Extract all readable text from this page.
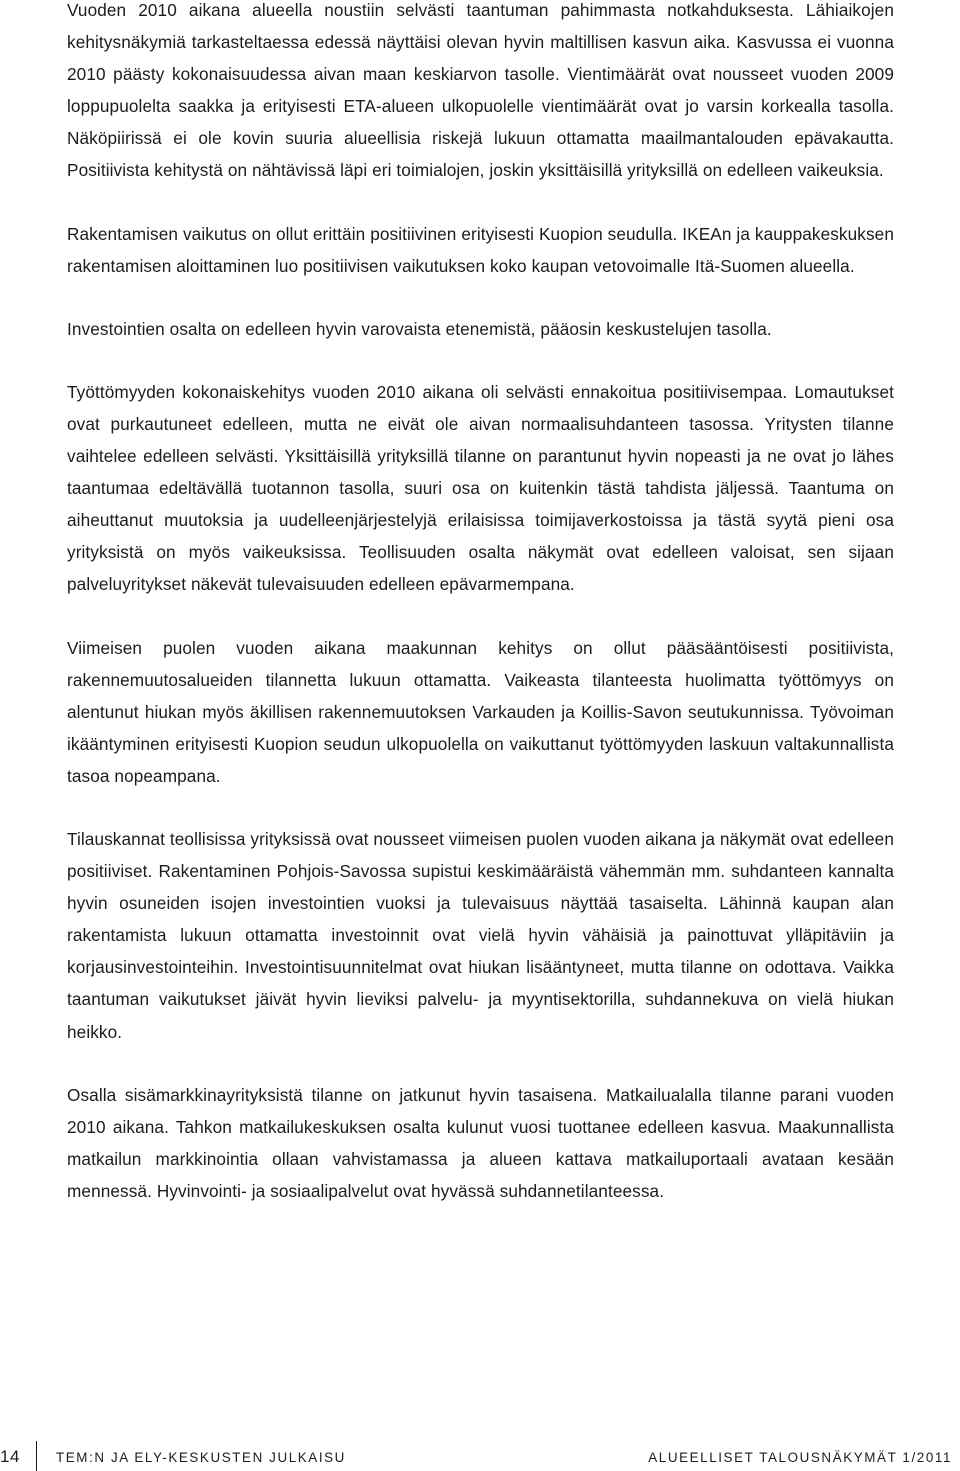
Vuoden 2010 aikana alueella noustiin selvästi taantuman pahimmasta notkahduksesta. Lähiaikojen kehitysnäkymiä tarkasteltaessa edessä näyttäisi olevan hyvin maltillisen kasvun aika. Kasvussa ei vuonna 2010 päästy kokonaisuudessa aivan maan keskiarvon tasolle. Vientimäärät ovat nousseet vuoden 2009 loppupuolelta saakka ja erityisesti ETA-alueen ulkopuolelle vientimäärät ovat jo varsin korkealla tasolla. Näköpiirissä ei ole kovin suuria alueellisia riskejä lukuun ottamatta maailmantalouden epävakautta. Positiivista kehitystä on nähtävissä läpi eri toimialojen, joskin yksittäisillä yrityksillä on edelleen vaikeuksia.

Rakentamisen vaikutus on ollut erittäin positiivinen erityisesti Kuopion seudulla. IKEAn ja kauppakeskuksen rakentamisen aloittaminen luo positiivisen vaikutuksen koko kaupan vetovoimalle Itä-Suomen alueella.

Investointien osalta on edelleen hyvin varovaista etenemistä, pääosin keskustelujen tasolla.

Työttömyyden kokonaiskehitys vuoden 2010 aikana oli selvästi ennakoitua positiivisempaa. Lomautukset ovat purkautuneet edelleen, mutta ne eivät ole aivan normaalisuhdanteen tasossa. Yritysten tilanne vaihtelee edelleen selvästi. Yksittäisillä yrityksillä tilanne on parantunut hyvin nopeasti ja ne ovat jo lähes taantumaa edeltävällä tuotannon tasolla, suuri osa on kuitenkin tästä tahdista jäljessä. Taantuma on aiheuttanut muutoksia ja uudelleenjärjestelyjä erilaisissa toimijaverkostoissa ja tästä syytä pieni osa yrityksistä on myös vaikeuksissa. Teollisuuden osalta näkymät ovat edelleen valoisat, sen sijaan palveluyritykset näkevät tulevaisuuden edelleen epävarmempana.

Viimeisen puolen vuoden aikana maakunnan kehitys on ollut pääsääntöisesti positiivista, rakennemuutosalueiden tilannetta lukuun ottamatta. Vaikeasta tilanteesta huolimatta työttömyys on alentunut hiukan myös äkillisen rakennemuutoksen Varkauden ja Koillis-Savon seutukunnissa. Työvoiman ikääntyminen erityisesti Kuopion seudun ulkopuolella on vaikuttanut työttömyyden laskuun valtakunnallista tasoa nopeampana.

Tilauskannat teollisissa yrityksissä ovat nousseet viimeisen puolen vuoden aikana ja näkymät ovat edelleen positiiviset. Rakentaminen Pohjois-Savossa supistui keskimääräistä vähemmän mm. suhdanteen kannalta hyvin osuneiden isojen investointien vuoksi ja tulevaisuus näyttää tasaiselta. Lähinnä kaupan alan rakentamista lukuun ottamatta investoinnit ovat vielä hyvin vähäisiä ja painottuvat ylläpitäviin ja korjausinvestointeihin. Investointisuunnitelmat ovat hiukan lisääntyneet, mutta tilanne on odottava. Vaikka taantuman vaikutukset jäivät hyvin lieviksi palvelu- ja myyntisektorilla, suhdannekuva on vielä hiukan heikko.

Osalla sisämarkkinayrityksistä tilanne on jatkunut hyvin tasaisena. Matkailualalla tilanne parani vuoden 2010 aikana. Tahkon matkailukeskuksen osalta kulunut vuosi tuottanee edelleen kasvua. Maakunnallista matkailun markkinointia ollaan vahvistamassa ja alueen kattava matkailuportaali avataan kesään mennessä. Hyvinvointi- ja sosiaalipalvelut ovat hyvässä suhdannetilanteessa.

14	TEM:N JA ELY-KESKUSTEN JULKAISU	ALUEELLISET TALOUSNÄKYMÄT 1/2011
